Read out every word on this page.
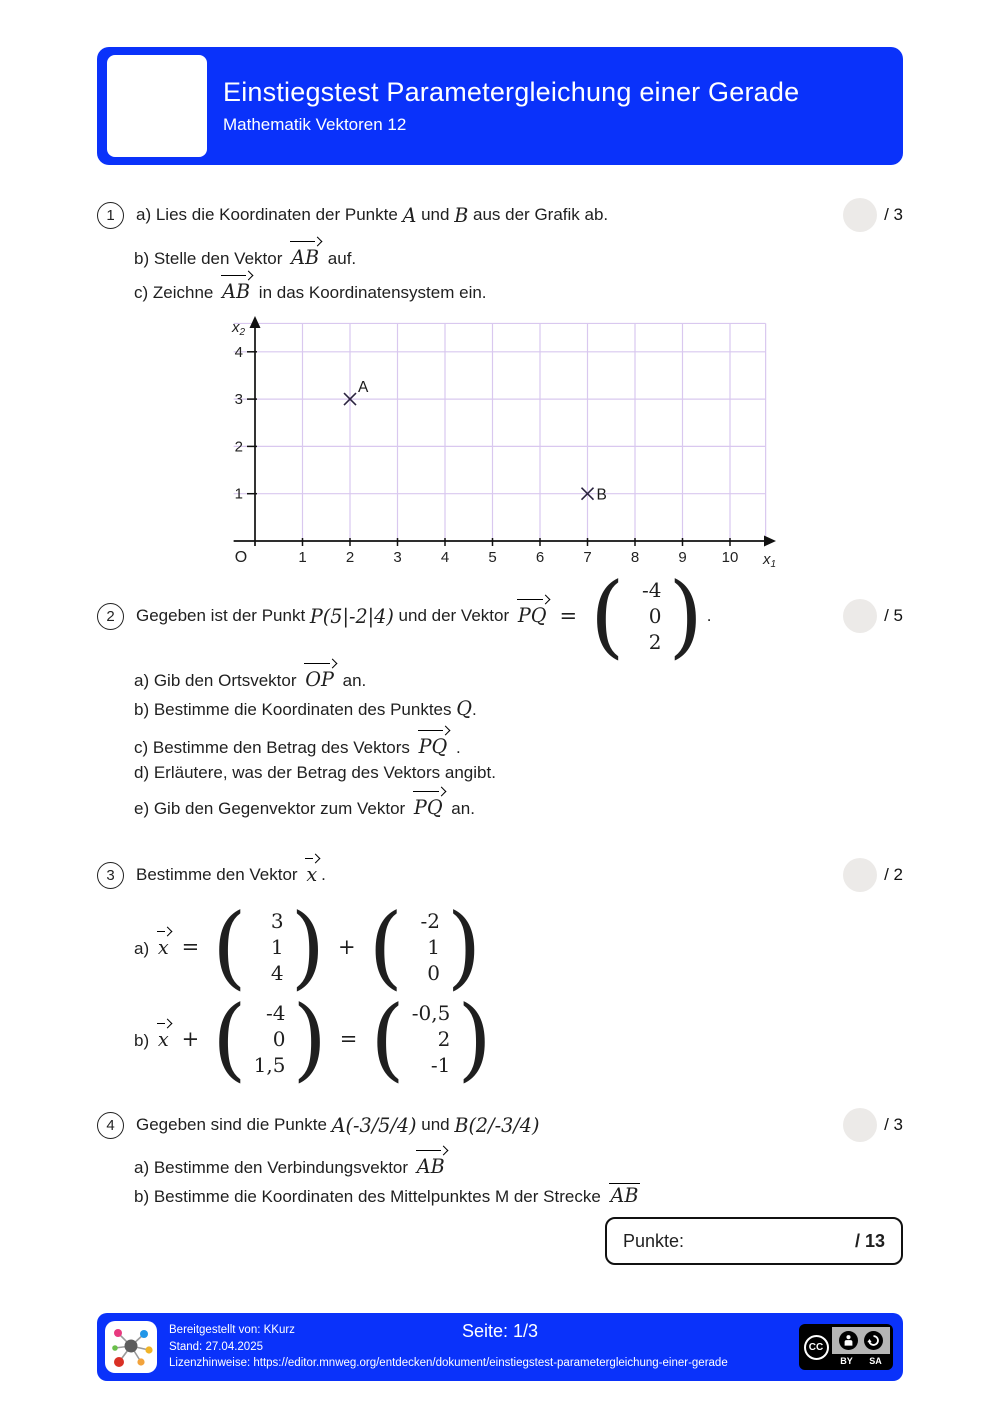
Einstiegstest Parametergleichung einer Gerade
Mathematik Vektoren 12
1	a) Lies die Koordinaten der Punkte A und B aus der Grafik ab.	/ 3
b) Stelle den Vektor AB auf.
c) Zeichne AB in das Koordinatensystem ein.
1	2	3	4	5	6	7	8	9 10
1
2
3
4
O	$x_1$
$x_2$
A
B
2	Gegeben ist der Punkt P(5|-2|4) und der Vektor PQ = ( -4
0
2 ) .	/ 5
a) Gib den Ortsvektor OP an.
b) Bestimme die Koordinaten des Punktes Q.
c) Bestimme den Betrag des Vektors PQ .
d) Erläutere, was der Betrag des Vektors angibt.
e) Gib den Gegenvektor zum Vektor PQ an.
3	Bestimme den Vektor x .	/ 2
a) x = ( 3
1
4 ) + ( -2
1
0 )
b) x + ( -4
0
1,5 ) = ( -0,5
2
-1 )
4	Gegeben sind die Punkte A(-3/5/4) und B(2/-3/4)	/ 3
a) Bestimme den Verbindungsvektor AB
b) Bestimme die Koordinaten des Mittelpunktes M der Strecke AB
Punkte:	/ 13
Bereitgestellt von: KKurz
Stand: 27.04.2025
Lizenzhinweise: https://editor.mnweg.org/entdecken/dokument/einstiegstest-parametergleichung-einer-gerade
Seite: 1/3
CC
BY	SA
